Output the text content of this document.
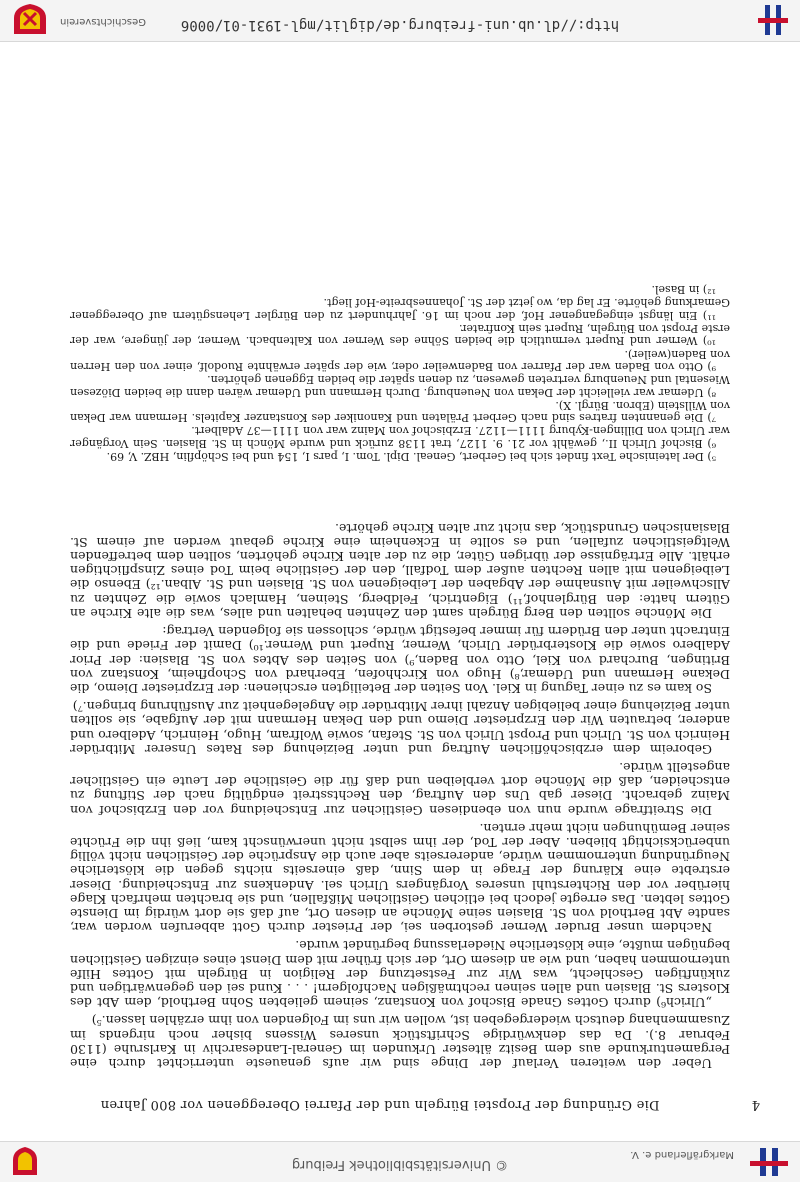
© Universitätsbibliothek Freiburg
Markgräflerland e. V.
4
Die Gründung der Propstei Bürgeln und der Pfarrei Obereggenen vor 800 Jahren

Ueber den weiteren Verlauf der Dinge sind wir aufs genaueste unterrichtet durch eine Pergamenturkunde aus dem Besitz ältester Urkunden im General-Landesarchiv in Karlsruhe (1130 Februar 8.). Da das denkwürdige Schriftstück unseres Wissens bisher noch nirgends im Zusammenhang deutsch wiedergegeben ist, wollen wir uns im Folgenden von ihm erzählen lassen.⁵)

„Ulrich⁶) durch Gottes Gnade Bischof von Konstanz, seinem geliebten Sohn Berthold, dem Abt des Klosters St. Blasien und allen seinen rechtmäßigen Nachfolgern! . . . Kund sei den gegenwärtigen und zukünftigen Geschlecht, was Wir zur Festsetzung der Religion in Bürgeln mit Gottes Hilfe unternommen haben, und wie an diesem Ort, der sich früher mit dem Dienst eines einzigen Geistlichen begnügen mußte, eine klösterliche Niederlassung begründet wurde.

Nachdem unser Bruder Werner gestorben sei, der Priester durch Gott abberufen worden war, sandte Abt Berthold von St. Blasien seine Mönche an diesen Ort, auf daß sie dort würdig im Dienste Gottes lebten. Das erregte jedoch bei etlichen Geistlichen Mißfallen, und sie brachten mehrfach Klage hierüber vor den Richterstuhl unseres Vorgängers Ulrich sel. Andenkens zur Entscheidung. Dieser erstrebte eine Klärung der Frage in dem Sinn, daß einerseits nichts gegen die klösterliche Neugründung unternommen würde, andererseits aber auch die Ansprüche der Geistlichen nicht völlig unberücksichtigt blieben. Aber der Tod, der ihm selbst nicht unerwünscht kam, ließ ihn die Früchte seiner Bemühungen nicht mehr ernten.

Die Streitfrage wurde nun von ebendiesen Geistlichen zur Entscheidung vor den Erzbischof von Mainz gebracht. Dieser gab Uns den Auftrag, den Rechtsstreit endgültig nach der Stiftung zu entscheiden, daß die Mönche dort verbleiben und daß für die Geistliche der Leute ein Geistlicher angestellt würde.

Geboreim dem erzbischöflichen Auftrag und unter Beiziehung des Rates Unserer Mitbrüder Heinrich von St. Ulrich und Propst Ulrich von St. Stefan, sowie Wolfram, Hugo, Heinrich, Adelbero und anderer, betrauten Wir den Erzpriester Diemo und den Dekan Hermann mit der Aufgabe, sie sollten unter Beiziehung einer beliebigen Anzahl ihrer Mitbrüder die Angelegenheit zur Ausführung bringen.⁷)

So kam es zu einer Tagung in Kiel. Von Seiten der Beteiligten erschienen: der Erzpriester Diemo, die Dekane Hermann und Udemar,⁸) Hugo von Kirchhofen, Eberhard von Schopfheim, Konstanz von Britingen, Burchard von Kiel, Otto von Baden,⁹) von Seiten des Abtes von St. Blasien: der Prior Adalbero sowie die Klosterbrüder Ulrich, Werner, Rupert und Werner.¹⁰) Damit der Friede und die Eintracht unter den Brüdern für immer befestigt würde, schlossen sie folgenden Vertrag:

Die Mönche sollten den Berg Bürgeln samt den Zehnten behalten und alles, was die alte Kirche an Gütern hatte: den Bürglenhof,¹¹) Eigentrich, Feldberg, Steinen, Hamlach sowie die Zehnten zu Allschweiler mit Ausnahme der Abgaben der Leibeigenen von St. Blasien und St. Alban.¹²) Ebenso die Leibeigenen mit allen Rechten außer dem Todfall, den der Geistliche beim Tod eines Zinspflichtigen erhält. Alle Erträgnisse der übrigen Güter, die zu der alten Kirche gehörten, sollten dem betreffenden Weltgeistlichen zufallen, und es sollte in Eckenheim eine Kirche gebaut werden auf einem St. Blasianischen Grundstück, das nicht zur alten Kirche gehörte.

⁵) Der lateinische Text findet sich bei Gerbert, Geneal. Dipl. Tom. I, pars I, 154 und bei Schöpflin, HBZ. V, 69.

⁶) Bischof Ulrich II., gewählt vor 21. 9. 1127, trat 1138 zurück und wurde Mönch in St. Blasien. Sein Vorgänger war Ulrich von Dillingen-Kyburg 1111—1127. Erzbischof von Mainz war von 1111—37 Adalbert.

⁷) Die genannten fratres sind nach Gerbert Prälaten und Kanoniker des Konstanzer Kapitels. Hermann war Dekan von Willstein (Ebron. Bürgl. X).

⁸) Udemar war vielleicht der Dekan von Neuenburg. Durch Hermann und Udemar wären dann die beiden Diözesen Wiesental und Neuenburg vertreten gewesen, zu denen später die beiden Eggenen gehörten.

⁹) Otto von Baden war der Pfarrer von Badenweiler oder, wie der später erwähnte Ruodolf, einer von den Herren von Baden(weiler).

¹⁰) Werner und Rupert vermutlich die beiden Söhne des Werner von Kaltenbach. Werner, der jüngere, war der erste Propst von Bürgeln, Rupert sein Konfrater.

¹¹) Ein längst eingegangener Hof, der noch im 16. Jahrhundert zu den Bürgler Lehensgütern auf Obereggener Gemarkung gehörte. Er lag da, wo jetzt der St. Johannesbreite-Hof liegt.

¹²) in Basel.

http://dl.ub.uni-freiburg.de/diglit/mgl-1931-01/0006
Geschichtsverein
